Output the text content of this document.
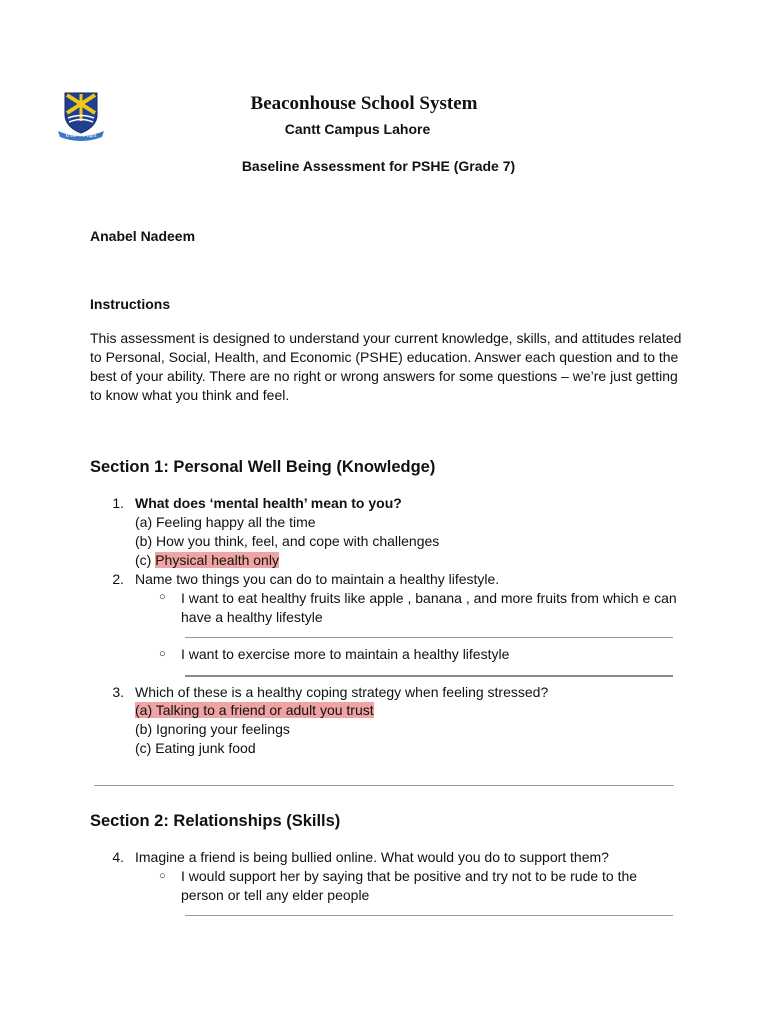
Know The Light
Beaconhouse School System
Cantt Campus Lahore
Baseline Assessment for PSHE (Grade 7)
Anabel Nadeem
Instructions
This assessment is designed to understand your current knowledge, skills, and attitudes related
to Personal, Social, Health, and Economic (PSHE) education. Answer each question and to the
best of your ability. There are no right or wrong answers for some questions – we’re just getting
to know what you think and feel.
Section 1: Personal Well Being (Knowledge)
1. What does ‘mental health’ mean to you?
(a) Feeling happy all the time
(b) How you think, feel, and cope with challenges
(c) Physical health only
2. Name two things you can do to maintain a healthy lifestyle.
○ I want to eat healthy fruits like apple , banana , and more fruits from which e can
have a healthy lifestyle
○ I want to exercise more to maintain a healthy lifestyle
3. Which of these is a healthy coping strategy when feeling stressed?
(a) Talking to a friend or adult you trust
(b) Ignoring your feelings
(c) Eating junk food
Section 2: Relationships (Skills)
4. Imagine a friend is being bullied online. What would you do to support them?
○ I would support her by saying that be positive and try not to be rude to the
person or tell any elder people
